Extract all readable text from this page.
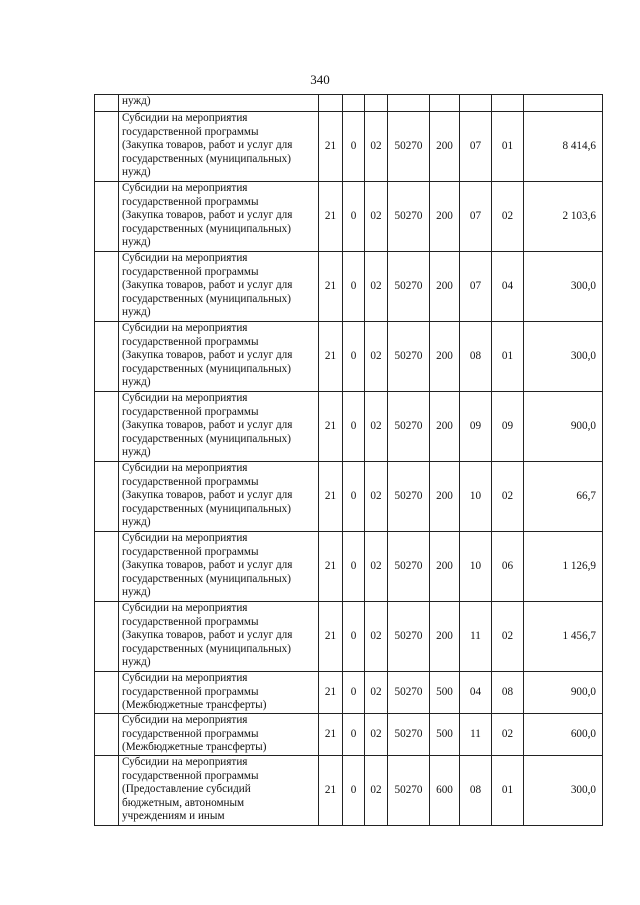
340
	нужд)								

	Субсидии на мероприятия
государственной программы
(Закупка товаров, работ и услуг для
государственных (муниципальных)
нужд)	21	0	02	50270	200	07	01	8 414,6

	Субсидии на мероприятия
государственной программы
(Закупка товаров, работ и услуг для
государственных (муниципальных)
нужд)	21	0	02	50270	200	07	02	2 103,6

	Субсидии на мероприятия
государственной программы
(Закупка товаров, работ и услуг для
государственных (муниципальных)
нужд)	21	0	02	50270	200	07	04	300,0

	Субсидии на мероприятия
государственной программы
(Закупка товаров, работ и услуг для
государственных (муниципальных)
нужд)	21	0	02	50270	200	08	01	300,0

	Субсидии на мероприятия
государственной программы
(Закупка товаров, работ и услуг для
государственных (муниципальных)
нужд)	21	0	02	50270	200	09	09	900,0

	Субсидии на мероприятия
государственной программы
(Закупка товаров, работ и услуг для
государственных (муниципальных)
нужд)	21	0	02	50270	200	10	02	66,7

	Субсидии на мероприятия
государственной программы
(Закупка товаров, работ и услуг для
государственных (муниципальных)
нужд)	21	0	02	50270	200	10	06	1 126,9

	Субсидии на мероприятия
государственной программы
(Закупка товаров, работ и услуг для
государственных (муниципальных)
нужд)	21	0	02	50270	200	11	02	1 456,7

	Субсидии на мероприятия
государственной программы
(Межбюджетные трансферты)	21	0	02	50270	500	04	08	900,0

	Субсидии на мероприятия
государственной программы
(Межбюджетные трансферты)	21	0	02	50270	500	11	02	600,0

	Субсидии на мероприятия
государственной программы
(Предоставление субсидий
бюджетным, автономным
учреждениям и иным	21	0	02	50270	600	08	01	300,0
